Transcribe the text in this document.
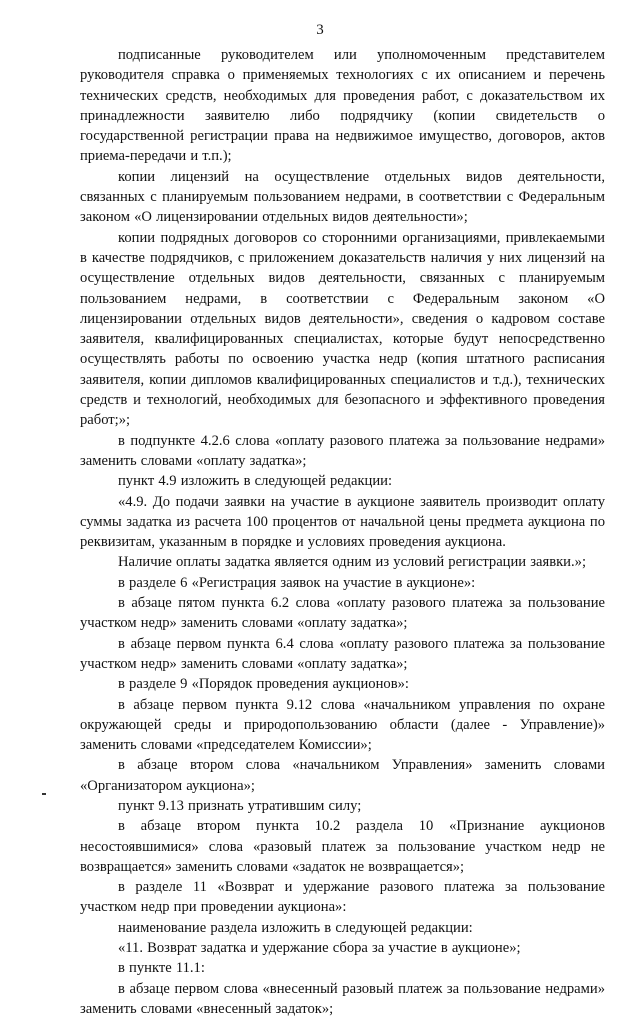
3

подписанные руководителем или уполномоченным представителем руководителя справка о применяемых технологиях с их описанием и перечень технических средств, необходимых для проведения работ, с доказательством их принадлежности заявителю либо подрядчику (копии свидетельств о государственной регистрации права на недвижимое имущество, договоров, актов приема-передачи и т.п.);

копии лицензий на осуществление отдельных видов деятельности, связанных с планируемым пользованием недрами, в соответствии с Федеральным законом «О лицензировании отдельных видов деятельности»;

копии подрядных договоров со сторонними организациями, привлекаемыми в качестве подрядчиков, с приложением доказательств наличия у них лицензий на осуществление отдельных видов деятельности, связанных с планируемым пользованием недрами, в соответствии с Федеральным законом «О лицензировании отдельных видов деятельности», сведения о кадровом составе заявителя, квалифицированных специалистах, которые будут непосредственно осуществлять работы по освоению участка недр (копия штатного расписания заявителя, копии дипломов квалифицированных специалистов и т.д.), технических средств и технологий, необходимых для безопасного и эффективного проведения работ;»;

в подпункте 4.2.6 слова «оплату разового платежа за пользование недрами» заменить словами «оплату задатка»;

пункт 4.9 изложить в следующей редакции:

«4.9. До подачи заявки на участие в аукционе заявитель производит оплату суммы задатка из расчета 100 процентов от начальной цены предмета аукциона по реквизитам, указанным в порядке и условиях проведения аукциона.

Наличие оплаты задатка является одним из условий регистрации заявки.»;

в разделе 6 «Регистрация заявок на участие в аукционе»:

в абзаце пятом пункта 6.2 слова «оплату разового платежа за пользование участком недр» заменить словами «оплату задатка»;

в абзаце первом пункта 6.4 слова «оплату разового платежа за пользование участком недр» заменить словами «оплату задатка»;

в разделе 9 «Порядок проведения аукционов»:

в абзаце первом пункта 9.12 слова «начальником управления по охране окружающей среды и природопользованию области (далее - Управление)» заменить словами «председателем Комиссии»;

в абзаце втором слова «начальником Управления» заменить словами «Организатором аукциона»;

пункт 9.13 признать утратившим силу;

в абзаце втором пункта 10.2 раздела 10 «Признание аукционов несостоявшимися» слова «разовый платеж за пользование участком недр не возвращается» заменить словами «задаток не возвращается»;

в разделе 11 «Возврат и удержание разового платежа за пользование участком недр при проведении аукциона»:

наименование раздела изложить в следующей редакции:

«11. Возврат задатка и удержание сбора за участие в аукционе»;

в пункте 11.1:

в абзаце первом слова «внесенный разовый платеж за пользование недрами» заменить словами «внесенный задаток»;
